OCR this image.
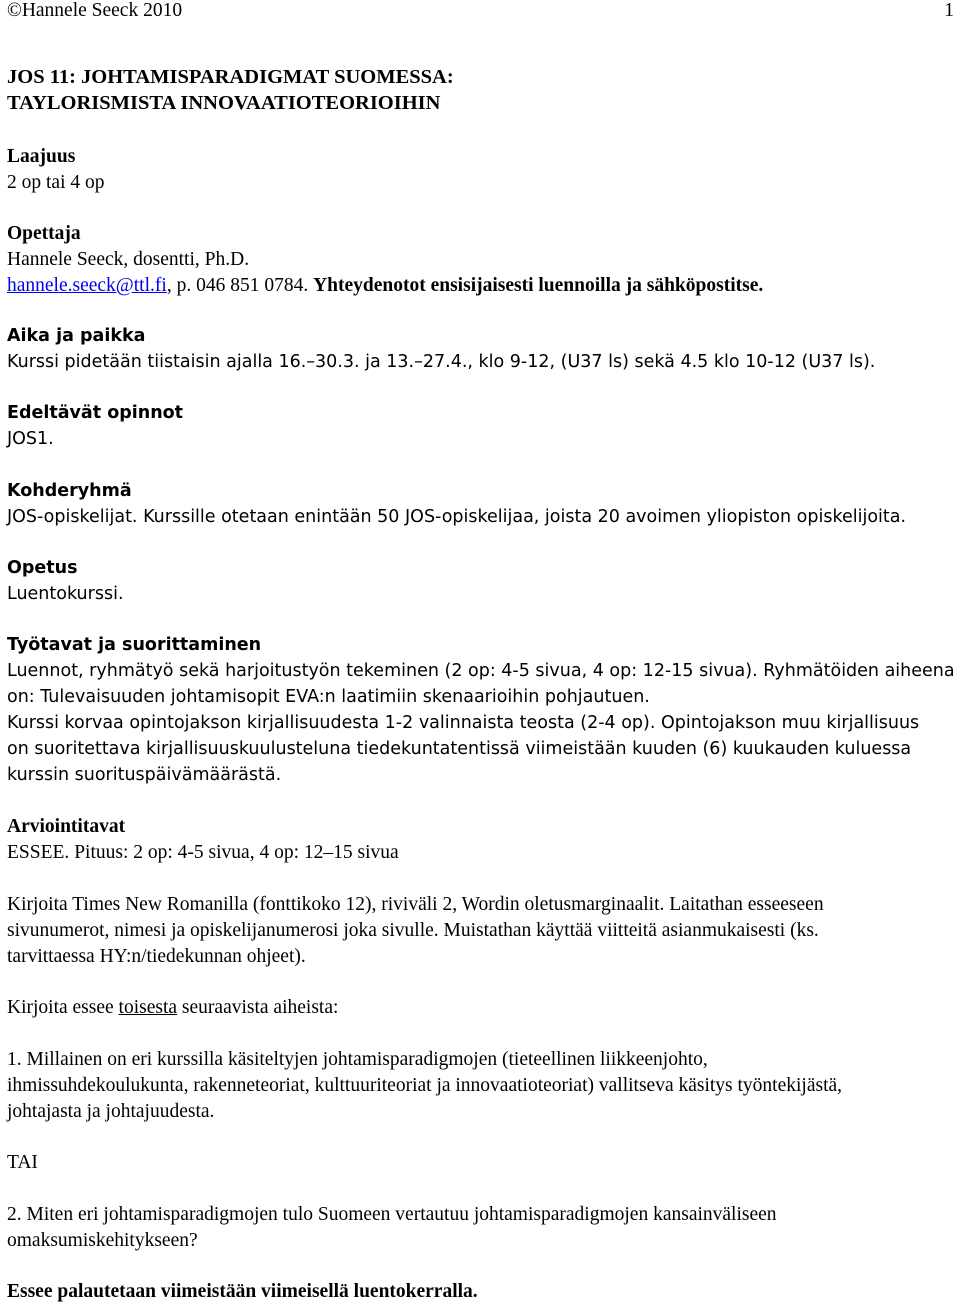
©Hannele Seeck 2010	1

JOS 11: JOHTAMISPARADIGMAT SUOMESSA:

TAYLORISMISTA INNOVAATIOTEORIOIHIN

Laajuus

2 op tai 4 op

Opettaja

Hannele Seeck, dosentti, Ph.D.

hannele.seeck@ttl.fi, p. 046 851 0784. Yhteydenotot ensisijaisesti luennoilla ja sähköpostitse.

Aika ja paikka

Kurssi pidetään tiistaisin ajalla 16.–30.3. ja 13.–27.4., klo 9-12, (U37 ls) sekä 4.5 klo 10-12 (U37 ls).

Edeltävät opinnot

JOS1.

Kohderyhmä

JOS-opiskelijat. Kurssille otetaan enintään 50 JOS-opiskelijaa, joista 20 avoimen yliopiston opiskelijoita.

Opetus

Luentokurssi.

Työtavat ja suorittaminen

Luennot, ryhmätyö sekä harjoitustyön tekeminen (2 op: 4-5 sivua, 4 op: 12-15 sivua). Ryhmätöiden aiheena

on: Tulevaisuuden johtamisopit EVA:n laatimiin skenaarioihin pohjautuen.

Kurssi korvaa opintojakson kirjallisuudesta 1-2 valinnaista teosta (2-4 op). Opintojakson muu kirjallisuus

on suoritettava kirjallisuuskuulusteluna tiedekuntatentissä viimeistään kuuden (6) kuukauden kuluessa

kurssin suorituspäivämäärästä.

Arviointitavat

ESSEE. Pituus: 2 op: 4-5 sivua, 4 op: 12–15 sivua

Kirjoita Times New Romanilla (fonttikoko 12), riviväli 2, Wordin oletusmarginaalit. Laitathan esseeseen

sivunumerot, nimesi ja opiskelijanumerosi joka sivulle. Muistathan käyttää viitteitä asianmukaisesti (ks.

tarvittaessa HY:n/tiedekunnan ohjeet).

Kirjoita essee toisesta seuraavista aiheista:

1. Millainen on eri kurssilla käsiteltyjen johtamisparadigmojen (tieteellinen liikkeenjohto,

ihmissuhdekoulukunta, rakenneteoriat, kulttuuriteoriat ja innovaatioteoriat) vallitseva käsitys työntekijästä,

johtajasta ja johtajuudesta.

TAI

2. Miten eri johtamisparadigmojen tulo Suomeen vertautuu johtamisparadigmojen kansainväliseen

omaksumiskehitykseen?

Essee palautetaan viimeistään viimeisellä luentokerralla.
